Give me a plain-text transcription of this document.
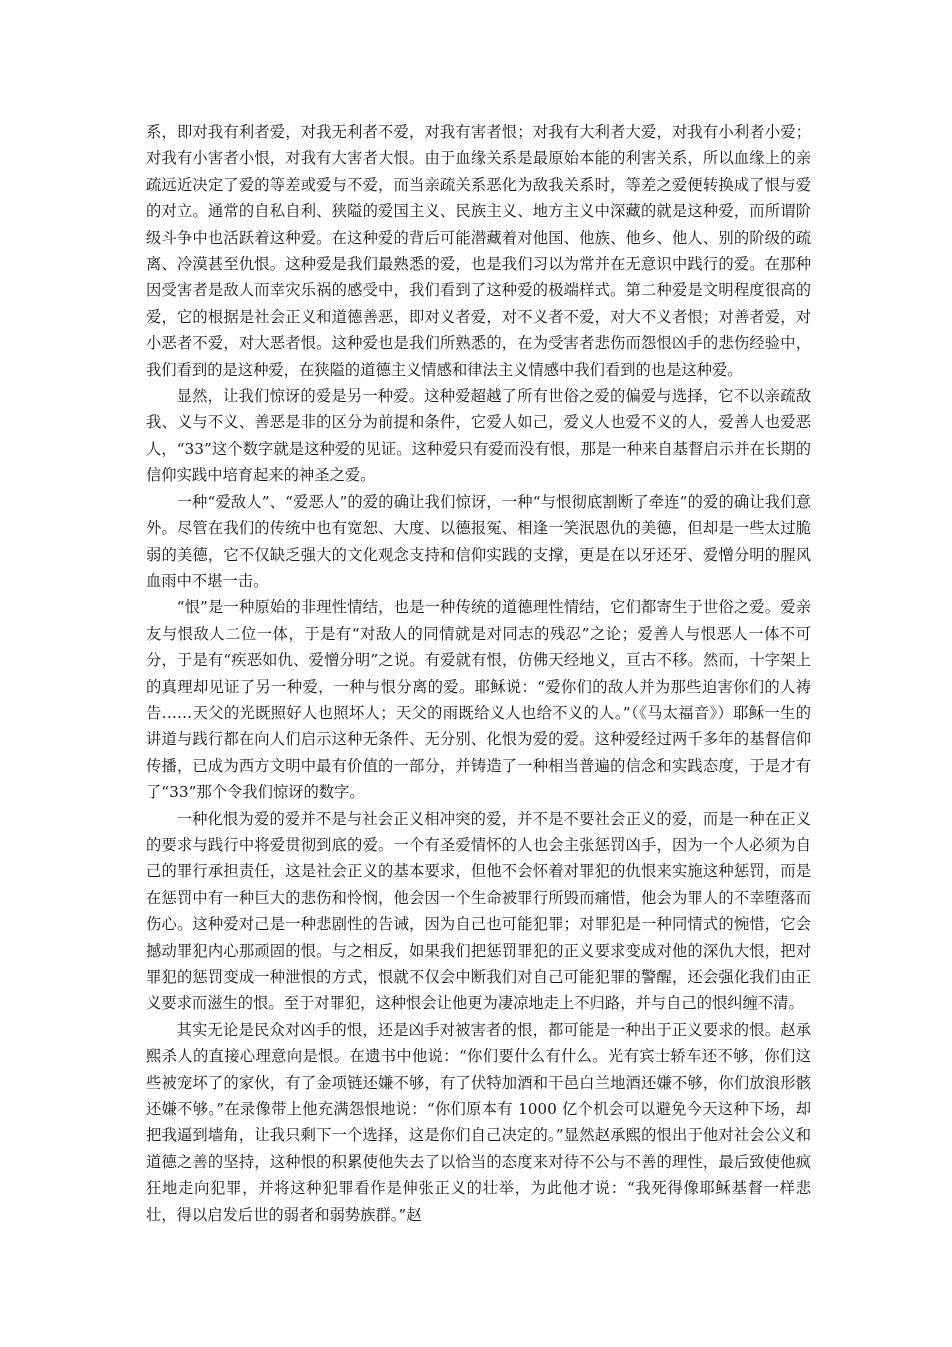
系，即对我有利者爱，对我无利者不爱，对我有害者恨；对我有大利者大爱，对我有小利者小爱；对我有小害者小恨，对我有大害者大恨。由于血缘关系是最原始本能的利害关系，所以血缘上的亲疏远近决定了爱的等差或爱与不爱，而当亲疏关系恶化为敌我关系时，等差之爱便转换成了恨与爱的对立。通常的自私自利、狭隘的爱国主义、民族主义、地方主义中深藏的就是这种爱，而所谓阶级斗争中也活跃着这种爱。在这种爱的背后可能潜藏着对他国、他族、他乡、他人、别的阶级的疏离、冷漠甚至仇恨。这种爱是我们最熟悉的爱，也是我们习以为常并在无意识中践行的爱。在那种因受害者是敌人而幸灾乐祸的感受中，我们看到了这种爱的极端样式。第二种爱是文明程度很高的爱，它的根据是社会正义和道德善恶，即对义者爱，对不义者不爱，对大不义者恨；对善者爱，对小恶者不爱，对大恶者恨。这种爱也是我们所熟悉的，在为受害者悲伤而怨恨凶手的悲伤经验中，我们看到的是这种爱，在狭隘的道德主义情感和律法主义情感中我们看到的也是这种爱。

显然，让我们惊讶的爱是另一种爱。这种爱超越了所有世俗之爱的偏爱与选择，它不以亲疏敌我、义与不义、善恶是非的区分为前提和条件，它爱人如己，爱义人也爱不义的人，爱善人也爱恶人，“33”这个数字就是这种爱的见证。这种爱只有爱而没有恨，那是一种来自基督启示并在长期的信仰实践中培育起来的神圣之爱。

一种“爱敌人”、“爱恶人”的爱的确让我们惊讶，一种“与恨彻底割断了牵连”的爱的确让我们意外。尽管在我们的传统中也有宽恕、大度、以德报冤、相逢一笑泯恩仇的美德，但却是一些太过脆弱的美德，它不仅缺乏强大的文化观念支持和信仰实践的支撑，更是在以牙还牙、爱憎分明的腥风血雨中不堪一击。

“恨”是一种原始的非理性情结，也是一种传统的道德理性情结，它们都寄生于世俗之爱。爱亲友与恨敌人二位一体，于是有“对敌人的同情就是对同志的残忍”之论；爱善人与恨恶人一体不可分，于是有“疾恶如仇、爱憎分明”之说。有爱就有恨，仿佛天经地义，亘古不移。然而，十字架上的真理却见证了另一种爱，一种与恨分离的爱。耶稣说：“爱你们的敌人并为那些迫害你们的人祷告……天父的光既照好人也照坏人；天父的雨既给义人也给不义的人。”（《马太福音》）耶稣一生的讲道与践行都在向人们启示这种无条件、无分别、化恨为爱的爱。这种爱经过两千多年的基督信仰传播，已成为西方文明中最有价值的一部分，并铸造了一种相当普遍的信念和实践态度，于是才有了“33”那个令我们惊讶的数字。

一种化恨为爱的爱并不是与社会正义相冲突的爱，并不是不要社会正义的爱，而是一种在正义的要求与践行中将爱贯彻到底的爱。一个有圣爱情怀的人也会主张惩罚凶手，因为一个人必须为自己的罪行承担责任，这是社会正义的基本要求，但他不会怀着对罪犯的仇恨来实施这种惩罚，而是在惩罚中有一种巨大的悲伤和怜悯，他会因一个生命被罪行所毁而痛惜，他会为罪人的不幸堕落而伤心。这种爱对己是一种悲剧性的告诫，因为自己也可能犯罪；对罪犯是一种同情式的惋惜，它会撼动罪犯内心那顽固的恨。与之相反，如果我们把惩罚罪犯的正义要求变成对他的深仇大恨，把对罪犯的惩罚变成一种泄恨的方式，恨就不仅会中断我们对自己可能犯罪的警醒，还会强化我们由正义要求而滋生的恨。至于对罪犯，这种恨会让他更为凄凉地走上不归路，并与自己的恨纠缠不清。

其实无论是民众对凶手的恨，还是凶手对被害者的恨，都可能是一种出于正义要求的恨。赵承熙杀人的直接心理意向是恨。在遗书中他说：“你们要什么有什么。光有宾士轿车还不够，你们这些被宠坏了的家伙，有了金项链还嫌不够，有了伏特加酒和干邑白兰地酒还嫌不够，你们放浪形骸还嫌不够。”在录像带上他充满怨恨地说：“你们原本有 1000 亿个机会可以避免今天这种下场，却把我逼到墙角，让我只剩下一个选择，这是你们自己决定的。”显然赵承熙的恨出于他对社会公义和道德之善的坚持，这种恨的积累使他失去了以恰当的态度来对待不公与不善的理性，最后致使他疯狂地走向犯罪，并将这种犯罪看作是伸张正义的壮举，为此他才说：“我死得像耶稣基督一样悲壮，得以启发后世的弱者和弱势族群。”赵
